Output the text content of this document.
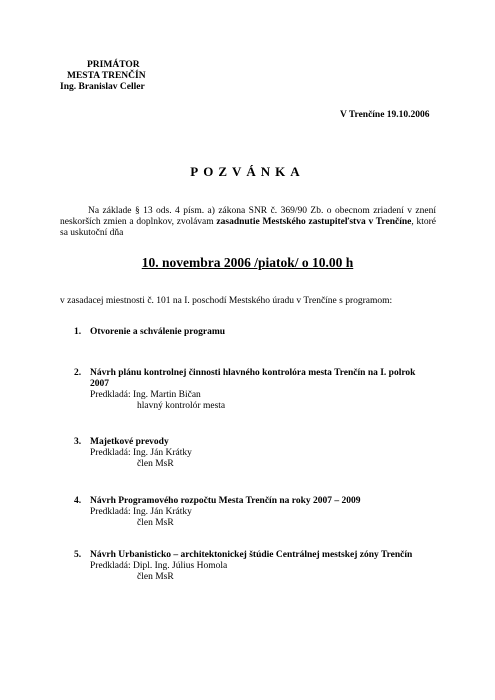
PRIMÁTOR
MESTA TRENČÍN
Ing. Branislav Celler
V Trenčíne 19.10.2006
POZVÁNKA
Na základe § 13 ods. 4 písm. a) zákona SNR č. 369/90 Zb. o obecnom zriadení v znení neskorších zmien a doplnkov, zvolávam zasadnutie Mestského zastupiteľstva v Trenčíne, ktoré sa uskutoční dňa
10. novembra 2006 /piatok/ o 10.00 h
v zasadacej miestnosti č. 101 na I. poschodí Mestského úradu v Trenčíne s programom:
1. Otvorenie a schválenie programu
2. Návrh plánu kontrolnej činnosti hlavného kontrolóra mesta Trenčín na I. polrok 2007
Predkladá: Ing. Martin Bičan
hlavný kontrolór mesta
3. Majetkové prevody
Predkladá: Ing. Ján Krátky
člen MsR
4. Návrh Programového rozpočtu Mesta Trenčín na roky 2007 – 2009
Predkladá: Ing. Ján Krátky
člen MsR
5. Návrh Urbanisticko – architektonickej štúdie Centrálnej mestskej zóny Trenčín
Predkladá: Dipl. Ing. Július Homola
člen MsR
